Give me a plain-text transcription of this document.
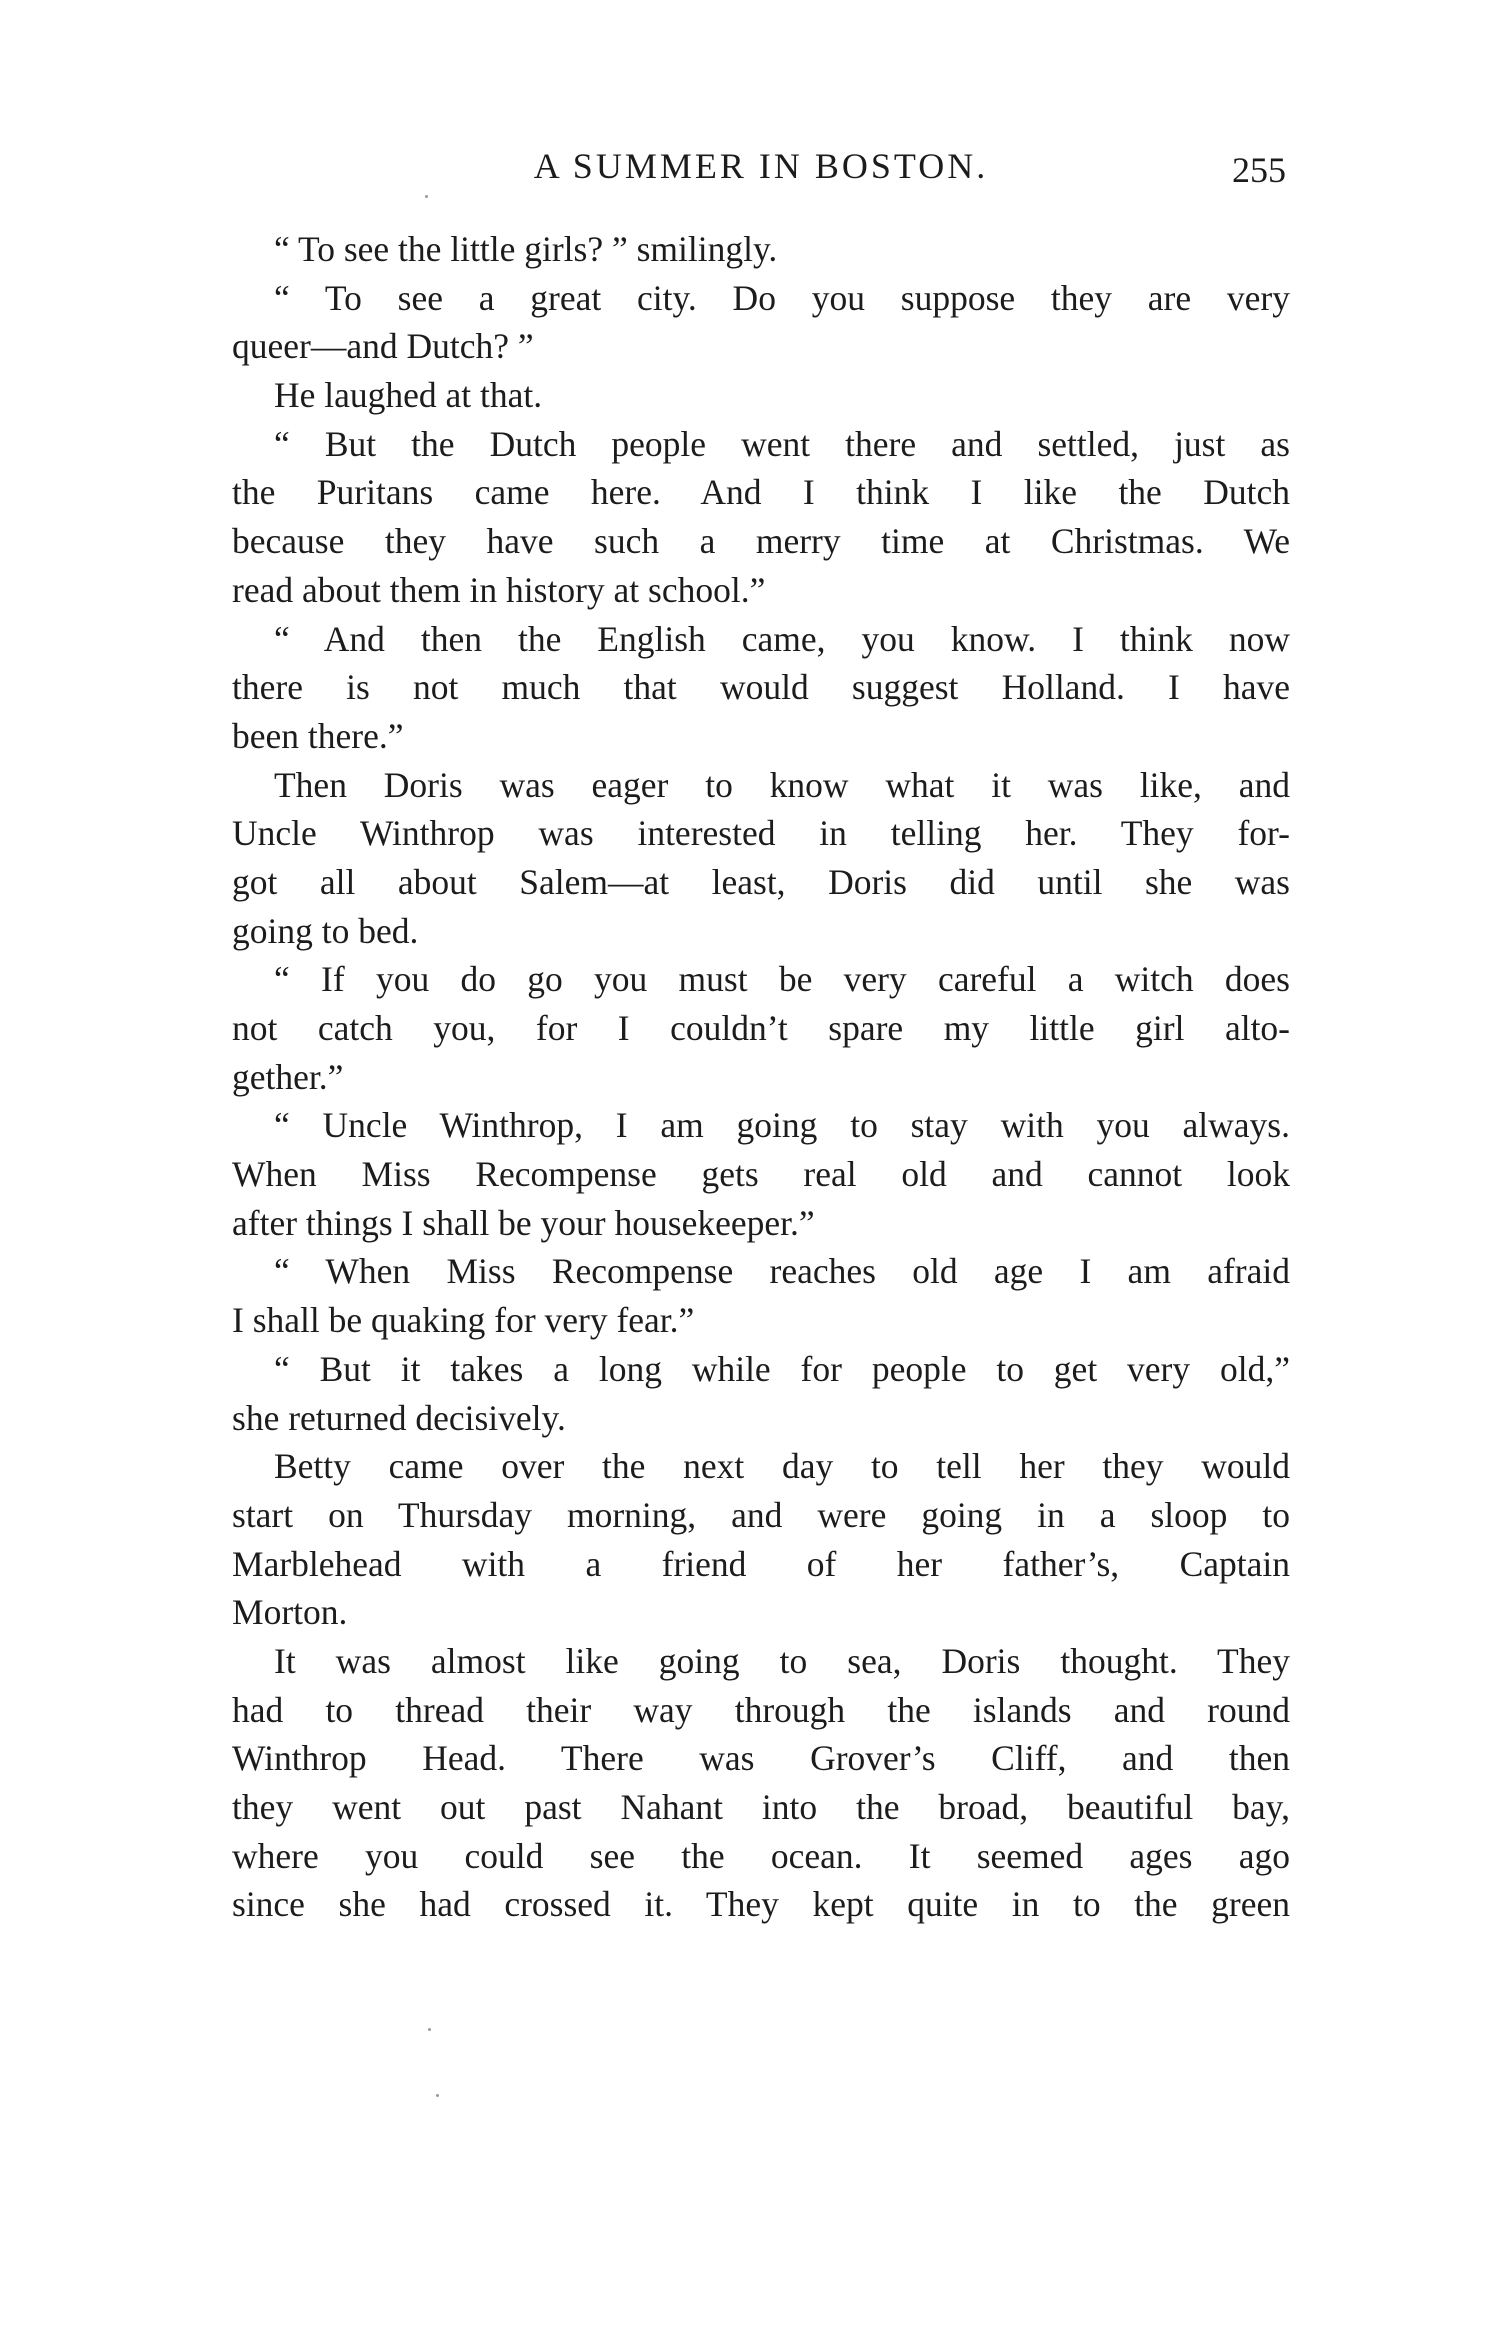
A SUMMER IN BOSTON.	255
“ To see the little girls? ” smilingly.
“ To see a great city. Do you suppose they are very
queer—and Dutch? ”
He laughed at that.
“ But the Dutch people went there and settled, just as
the Puritans came here. And I think I like the Dutch
because they have such a merry time at Christmas. We
read about them in history at school.”
“ And then the English came, you know. I think now
there is not much that would suggest Holland. I have
been there.”
Then Doris was eager to know what it was like, and
Uncle Winthrop was interested in telling her. They for-
got all about Salem—at least, Doris did until she was
going to bed.
“ If you do go you must be very careful a witch does
not catch you, for I couldn’t spare my little girl alto-
gether.”
“ Uncle Winthrop, I am going to stay with you always.
When Miss Recompense gets real old and cannot look
after things I shall be your housekeeper.”
“ When Miss Recompense reaches old age I am afraid
I shall be quaking for very fear.”
“ But it takes a long while for people to get very old,”
she returned decisively.
Betty came over the next day to tell her they would
start on Thursday morning, and were going in a sloop to
Marblehead with a friend of her father’s, Captain
Morton.
It was almost like going to sea, Doris thought. They
had to thread their way through the islands and round
Winthrop Head. There was Grover’s Cliff, and then
they went out past Nahant into the broad, beautiful bay,
where you could see the ocean. It seemed ages ago
since she had crossed it. They kept quite in to the green
